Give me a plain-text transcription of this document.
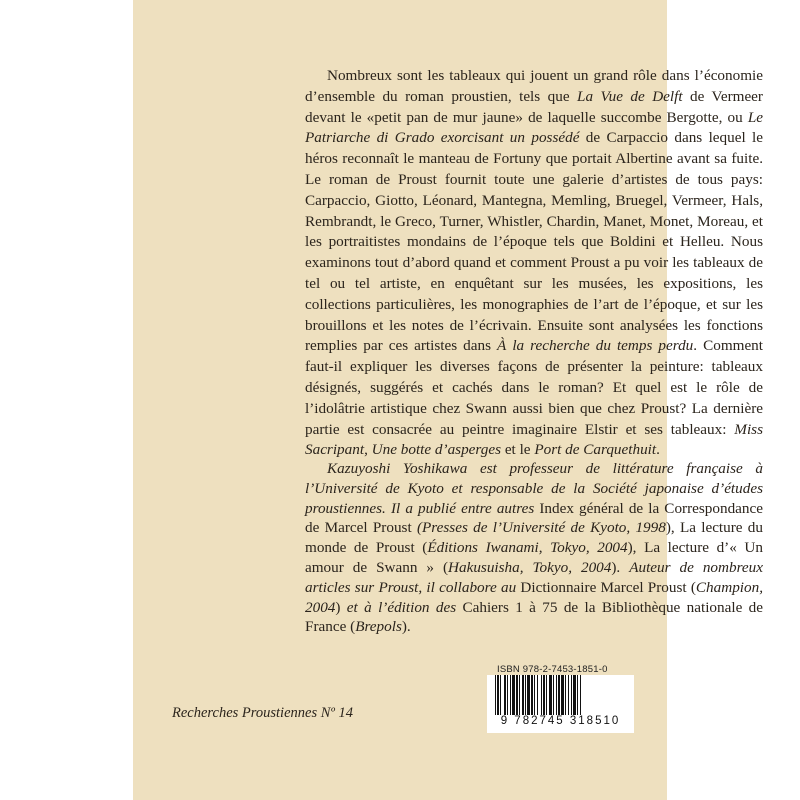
Nombreux sont les tableaux qui jouent un grand rôle dans l’économie d’ensemble du roman proustien, tels que La Vue de Delft de Vermeer devant le «petit pan de mur jaune» de laquelle succombe Bergotte, ou Le Patriarche di Grado exorcisant un possédé de Carpaccio dans lequel le héros reconnaît le manteau de Fortuny que portait Albertine avant sa fuite. Le roman de Proust fournit toute une galerie d’artistes de tous pays: Carpaccio, Giotto, Léonard, Mantegna, Memling, Bruegel, Vermeer, Hals, Rembrandt, le Greco, Turner, Whistler, Chardin, Manet, Monet, Moreau, et les portraitistes mondains de l’époque tels que Boldini et Helleu. Nous examinons tout d’abord quand et comment Proust a pu voir les tableaux de tel ou tel artiste, en enquêtant sur les musées, les expositions, les collections particulières, les monographies de l’art de l’époque, et sur les brouillons et les notes de l’écrivain. Ensuite sont analysées les fonctions remplies par ces artistes dans À la recherche du temps perdu. Comment faut-il expliquer les diverses façons de présenter la peinture: tableaux désignés, suggérés et cachés dans le roman? Et quel est le rôle de l’idolâtrie artistique chez Swann aussi bien que chez Proust? La dernière partie est consacrée au peintre imaginaire Elstir et ses tableaux: Miss Sacripant, Une botte d’asperges et le Port de Carquethuit.

Kazuyoshi Yoshikawa est professeur de littérature française à l’Université de Kyoto et responsable de la Société japonaise d’études proustiennes. Il a publié entre autres Index général de la Correspondance de Marcel Proust (Presses de l’Université de Kyoto, 1998), La lecture du monde de Proust (Éditions Iwanami, Tokyo, 2004), La lecture d’« Un amour de Swann » (Hakusuisha, Tokyo, 2004). Auteur de nombreux articles sur Proust, il collabore au Dictionnaire Marcel Proust (Champion, 2004) et à l’édition des Cahiers 1 à 75 de la Bibliothèque nationale de France (Brepols).

Recherches Proustiennes Nº 14
ISBN 978-2-7453-1851-0
9 782745 318510
